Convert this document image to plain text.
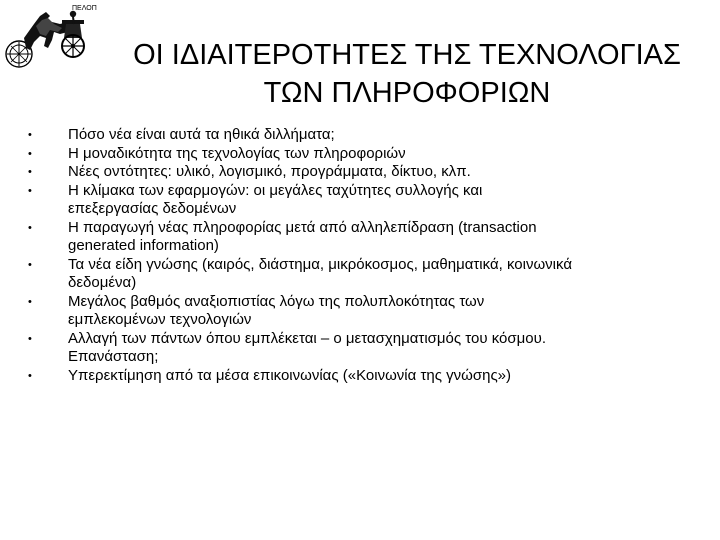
ΠΕΛΟΠ
ΟΙ ΙΔΙΑΙΤΕΡΟΤΗΤΕΣ ΤΗΣ ΤΕΧΝΟΛΟΓΙΑΣ
ΤΩΝ ΠΛΗΡΟΦΟΡΙΩΝ
• Πόσο νέα είναι αυτά τα ηθικά διλλήματα;
• Η μοναδικότητα της τεχνολογίας των πληροφοριών
• Νέες οντότητες: υλικό, λογισμικό, προγράμματα, δίκτυο, κλπ.
• Η κλίμακα των εφαρμογών: οι μεγάλες ταχύτητες συλλογής και
επεξεργασίας δεδομένων
• Η παραγωγή νέας πληροφορίας μετά από αλληλεπίδραση (transaction
generated information)
• Τα νέα είδη γνώσης (καιρός, διάστημα, μικρόκοσμος, μαθηματικά, κοινωνικά
δεδομένα)
• Μεγάλος βαθμός αναξιοπιστίας λόγω της πολυπλοκότητας των
εμπλεκομένων τεχνολογιών
• Αλλαγή των πάντων όπου εμπλέκεται – ο μετασχηματισμός του κόσμου.
Επανάσταση;
• Υπερεκτίμηση από τα μέσα επικοινωνίας («Κοινωνία της γνώσης»)
